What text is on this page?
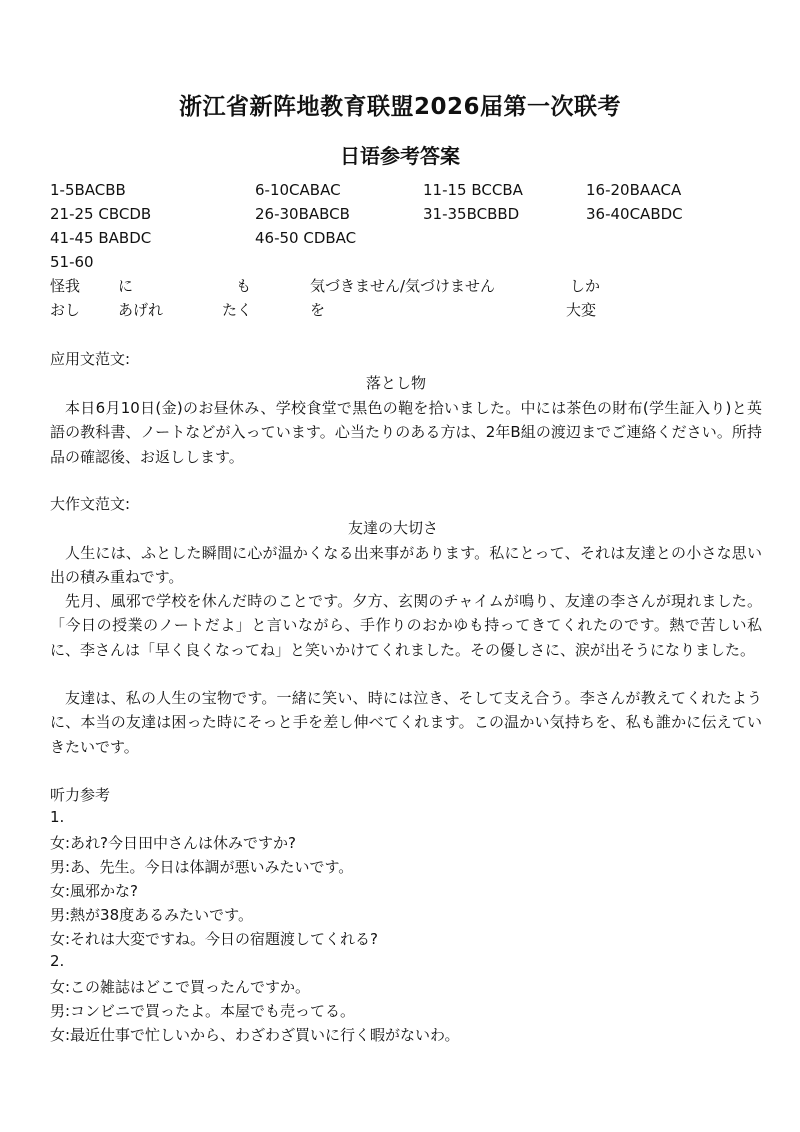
浙江省新阵地教育联盟2026届第一次联考
日语参考答案
1-5BACBB	6-10CABAC	11-15 BCCBA	16-20BAACA
21-25 CBCDB	26-30BABCB	31-35BCBBD	36-40CABDC
41-45 BABDC	46-50 CDBAC
51-60
怪我	に	も	気づきません/気づけません	しか
おし	あげれ	たく	を	大変
应用文范文:
落とし物
本日6月10日(金)のお昼休み、学校食堂で黒色の鞄を拾いました。中には茶色の財布(学生証入り)と英語の教科書、ノートなどが入っています。心当たりのある方は、2年B組の渡辺までご連絡ください。所持品の確認後、お返しします。
大作文范文:
友達の大切さ
人生には、ふとした瞬間に心が温かくなる出来事があります。私にとって、それは友達との小さな思い出の積み重ねです。
先月、風邪で学校を休んだ時のことです。夕方、玄関のチャイムが鳴り、友達の李さんが現れました。「今日の授業のノートだよ」と言いながら、手作りのおかゆも持ってきてくれたのです。熱で苦しい私に、李さんは「早く良くなってね」と笑いかけてくれました。その優しさに、涙が出そうになりました。
友達は、私の人生の宝物です。一緒に笑い、時には泣き、そして支え合う。李さんが教えてくれたように、本当の友達は困った時にそっと手を差し伸べてくれます。この温かい気持ちを、私も誰かに伝えていきたいです。
听力参考
1.
女:あれ?今日田中さんは休みですか?
男:あ、先生。今日は体調が悪いみたいです。
女:風邪かな?
男:熱が38度あるみたいです。
女:それは大変ですね。今日の宿題渡してくれる?
2.
女:この雑誌はどこで買ったんですか。
男:コンビニで買ったよ。本屋でも売ってる。
女:最近仕事で忙しいから、わざわざ買いに行く暇がないわ。
